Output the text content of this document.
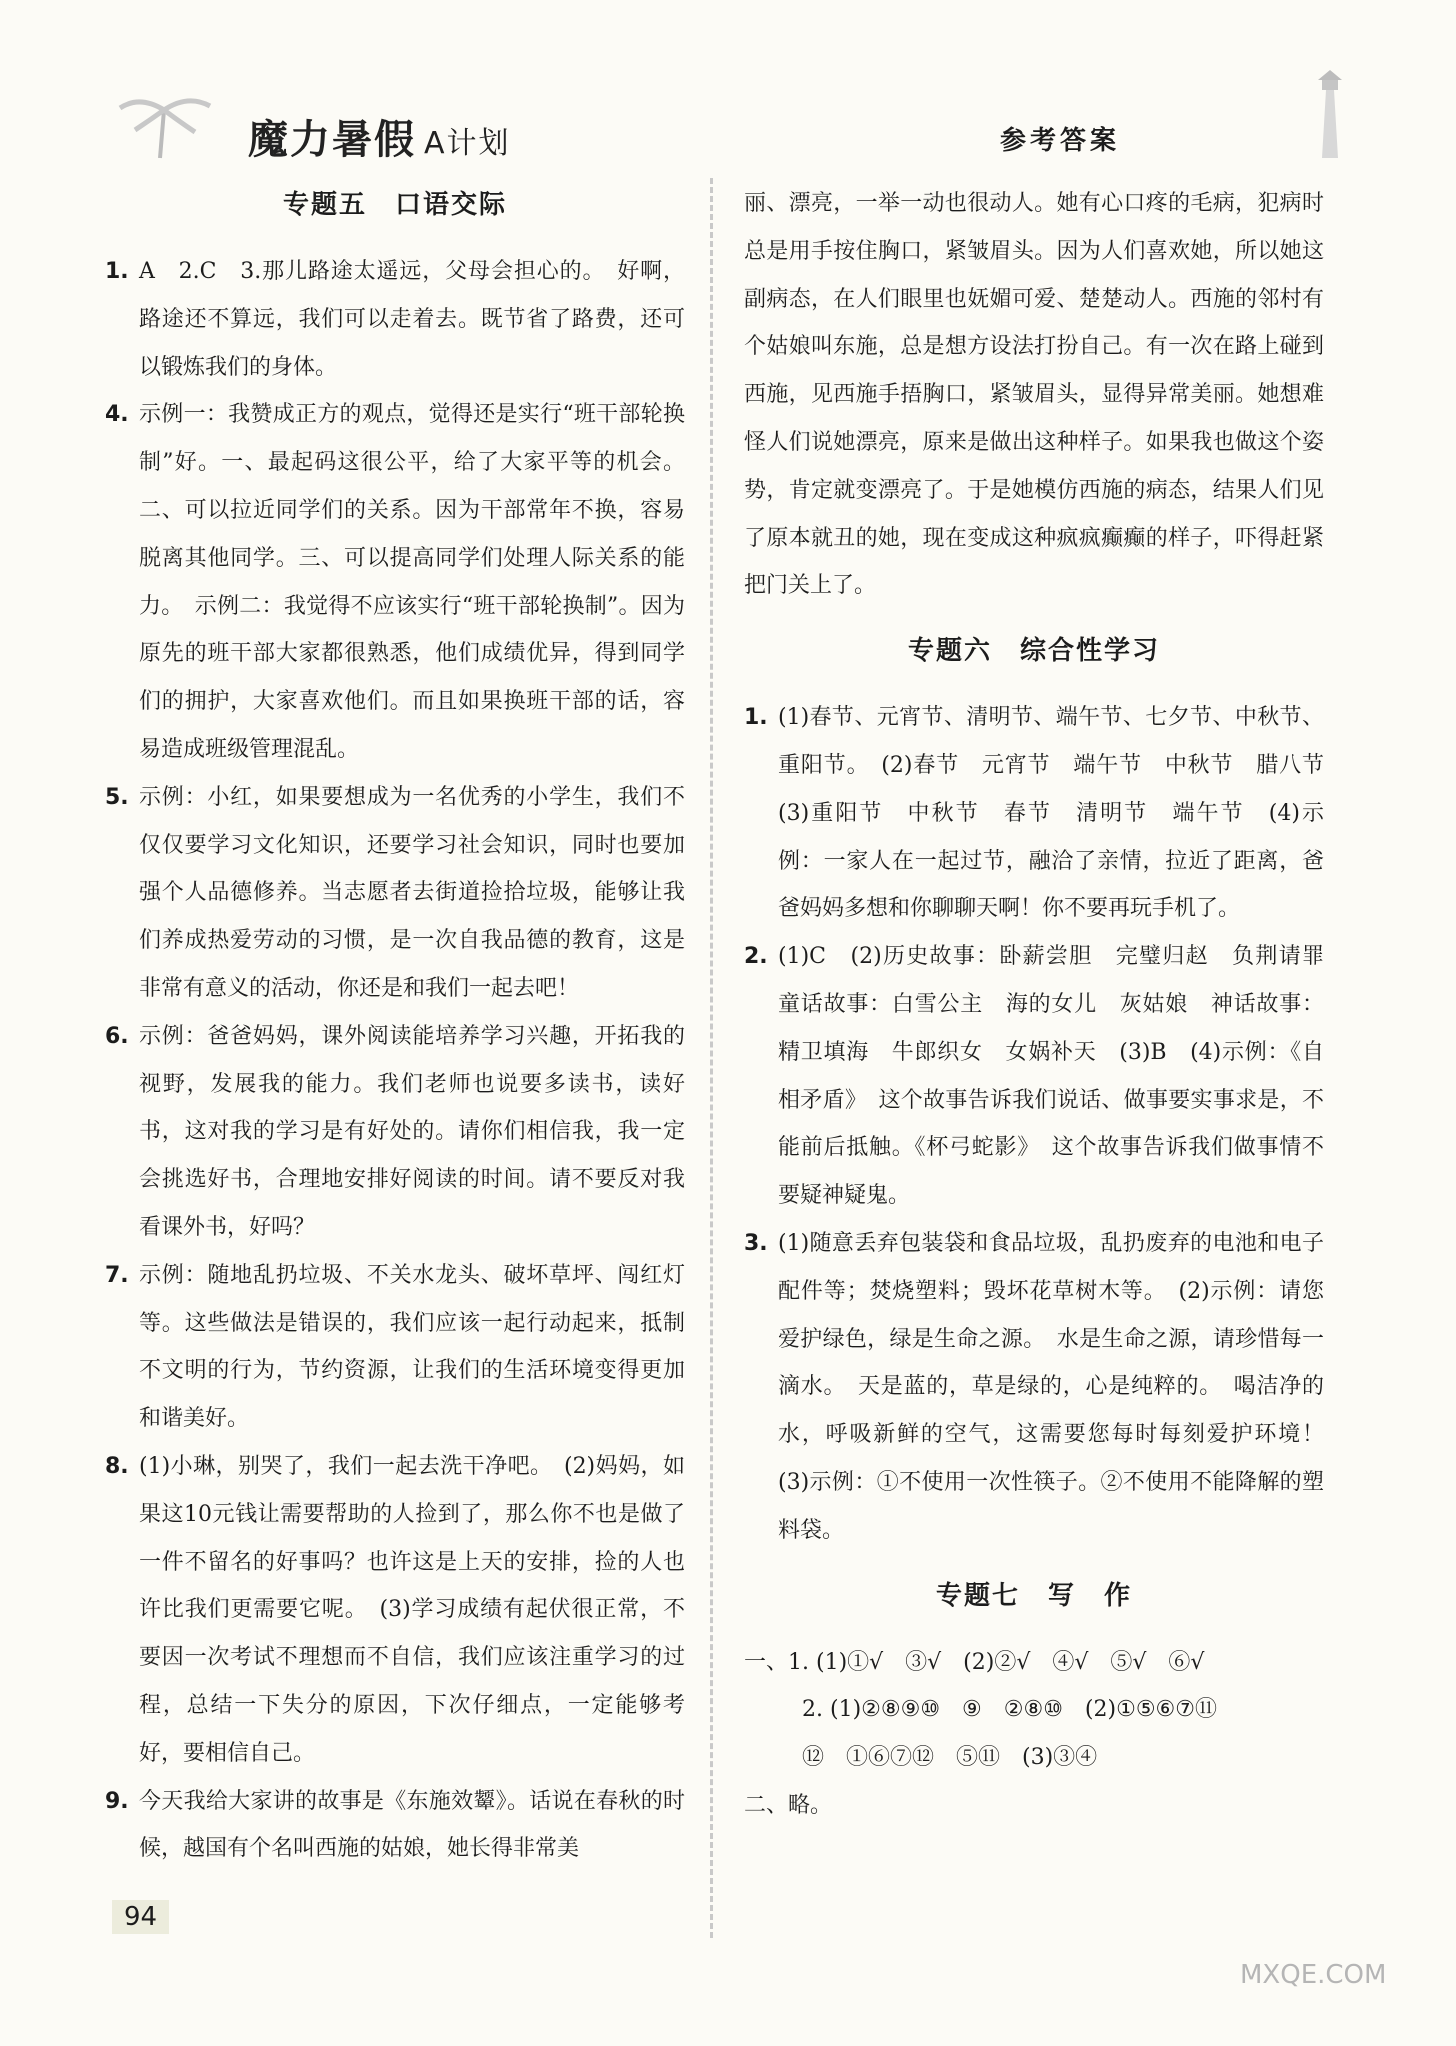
魔力暑假 A计划	参考答案
专题五　口语交际

1. A　2.C　3.那儿路途太遥远，父母会担心的。　好啊，路途还不算远，我们可以走着去。既节省了路费，还可以锻炼我们的身体。

4. 示例一：我赞成正方的观点，觉得还是实行“班干部轮换制”好。一、最起码这很公平，给了大家平等的机会。二、可以拉近同学们的关系。因为干部常年不换，容易脱离其他同学。三、可以提高同学们处理人际关系的能力。　示例二：我觉得不应该实行“班干部轮换制”。因为原先的班干部大家都很熟悉，他们成绩优异，得到同学们的拥护，大家喜欢他们。而且如果换班干部的话，容易造成班级管理混乱。

5. 示例：小红，如果要想成为一名优秀的小学生，我们不仅仅要学习文化知识，还要学习社会知识，同时也要加强个人品德修养。当志愿者去街道捡拾垃圾，能够让我们养成热爱劳动的习惯，是一次自我品德的教育，这是非常有意义的活动，你还是和我们一起去吧！

6. 示例：爸爸妈妈，课外阅读能培养学习兴趣，开拓我的视野，发展我的能力。我们老师也说要多读书，读好书，这对我的学习是有好处的。请你们相信我，我一定会挑选好书，合理地安排好阅读的时间。请不要反对我看课外书，好吗？

7. 示例：随地乱扔垃圾、不关水龙头、破坏草坪、闯红灯等。这些做法是错误的，我们应该一起行动起来，抵制不文明的行为，节约资源，让我们的生活环境变得更加和谐美好。

8. (1)小琳，别哭了，我们一起去洗干净吧。　(2)妈妈，如果这10元钱让需要帮助的人捡到了，那么你不也是做了一件不留名的好事吗？也许这是上天的安排，捡的人也许比我们更需要它呢。　(3)学习成绩有起伏很正常，不要因一次考试不理想而不自信，我们应该注重学习的过程，总结一下失分的原因，下次仔细点，一定能够考好，要相信自己。

9. 今天我给大家讲的故事是《东施效颦》。话说在春秋的时候，越国有个名叫西施的姑娘，她长得非常美

丽、漂亮，一举一动也很动人。她有心口疼的毛病，犯病时总是用手按住胸口，紧皱眉头。因为人们喜欢她，所以她这副病态，在人们眼里也妩媚可爱、楚楚动人。西施的邻村有个姑娘叫东施，总是想方设法打扮自己。有一次在路上碰到西施，见西施手捂胸口，紧皱眉头，显得异常美丽。她想难怪人们说她漂亮，原来是做出这种样子。如果我也做这个姿势，肯定就变漂亮了。于是她模仿西施的病态，结果人们见了原本就丑的她，现在变成这种疯疯癫癫的样子，吓得赶紧把门关上了。

专题六　综合性学习

1. (1)春节、元宵节、清明节、端午节、七夕节、中秋节、重阳节。　(2)春节　元宵节　端午节　中秋节　腊八节　(3)重阳节　中秋节　春节　清明节　端午节　(4)示例：一家人在一起过节，融洽了亲情，拉近了距离，爸爸妈妈多想和你聊聊天啊！你不要再玩手机了。

2. (1)C　(2)历史故事：卧薪尝胆　完璧归赵　负荆请罪　童话故事：白雪公主　海的女儿　灰姑娘　神话故事：精卫填海　牛郎织女　女娲补天　(3)B　(4)示例：《自相矛盾》　这个故事告诉我们说话、做事要实事求是，不能前后抵触。《杯弓蛇影》　这个故事告诉我们做事情不要疑神疑鬼。

3. (1)随意丢弃包装袋和食品垃圾，乱扔废弃的电池和电子配件等；焚烧塑料；毁坏花草树木等。　(2)示例：请您爱护绿色，绿是生命之源。　水是生命之源，请珍惜每一滴水。　天是蓝的，草是绿的，心是纯粹的。　喝洁净的水，呼吸新鲜的空气，这需要您每时每刻爱护环境！　(3)示例：①不使用一次性筷子。②不使用不能降解的塑料袋。

专题七　写　作

一、1. (1)①√　③√　(2)②√　④√　⑤√　⑥√

2. (1)②⑧⑨⑩　⑨　②⑧⑩　(2)①⑤⑥⑦⑪

⑫　①⑥⑦⑫　⑤⑪　(3)③④

二、略。

94
MXQE.COM
